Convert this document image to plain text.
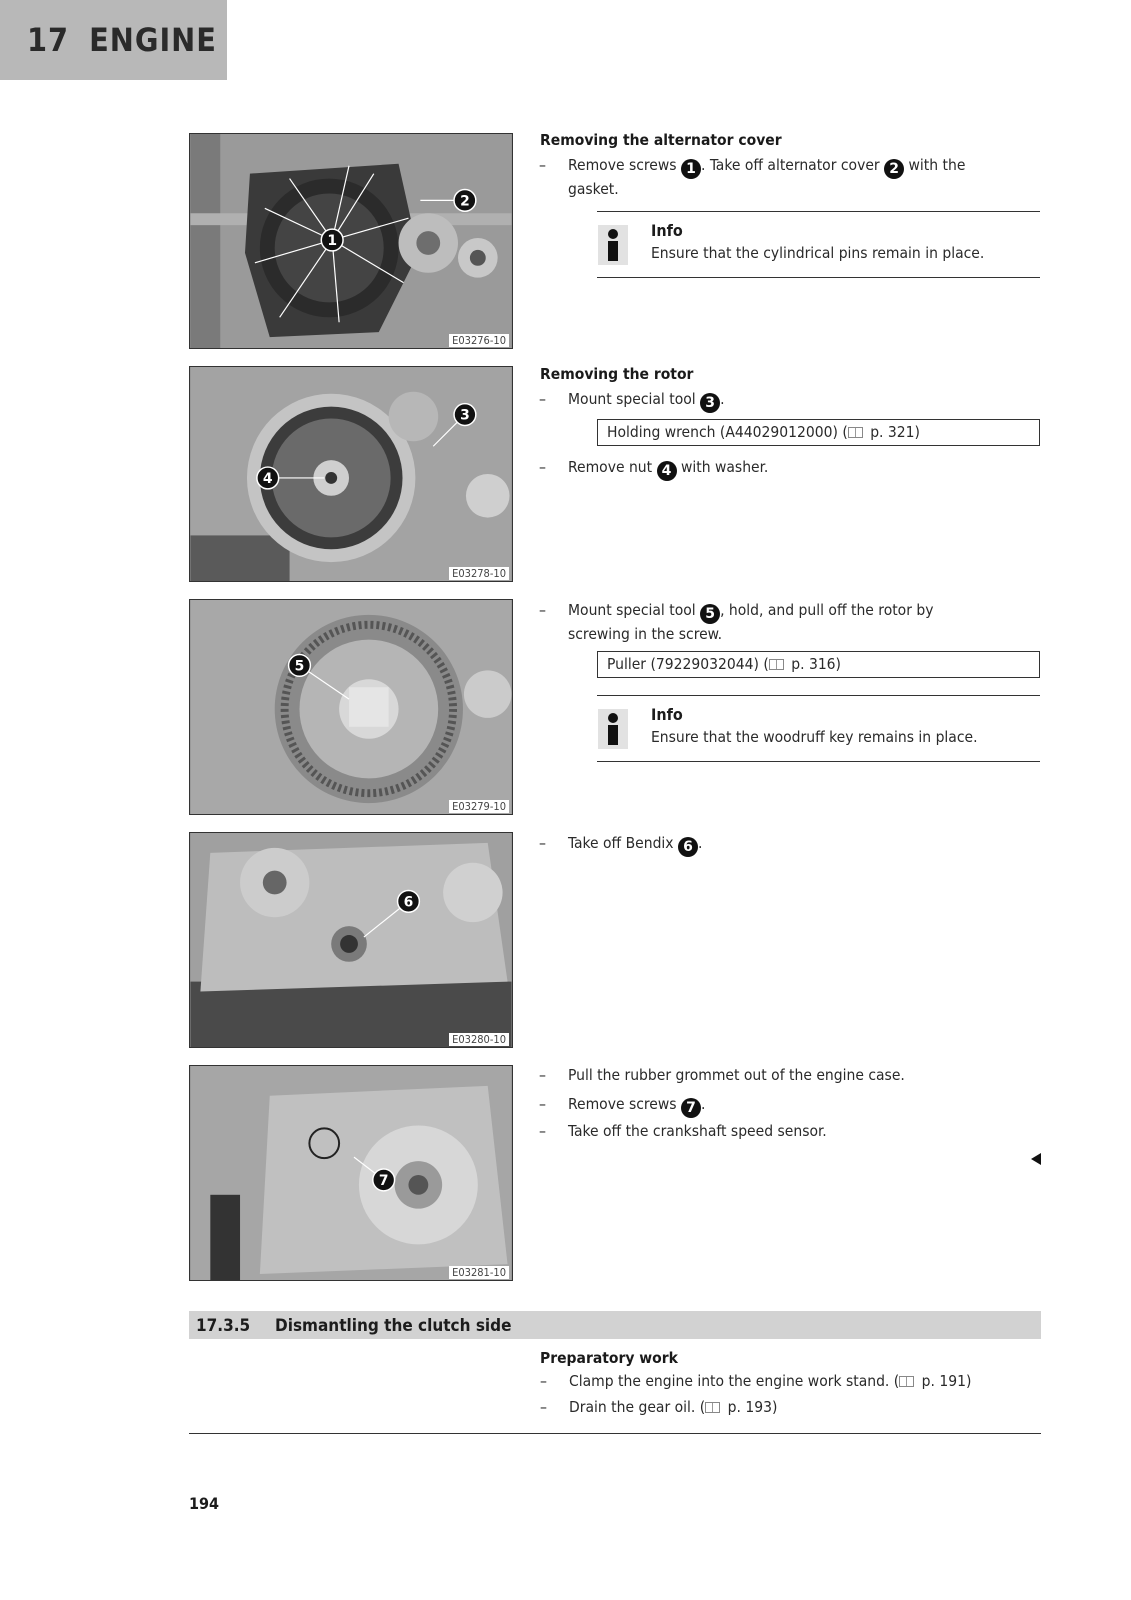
17 ENGINE
1
2
E03276-10
3
4
E03278-10
5
E03279-10
6
E03280-10
7
E03281-10
Removing the alternator cover
– Remove screws 1 . Take off alternator cover 2 with the
gasket.
Info
Ensure that the cylindrical pins remain in place.
Removing the rotor
– Mount special tool 3 .
Holding wrench (A44029012000) ( p. 321)
– Remove nut 4 with washer.
– Mount special tool 5 , hold, and pull off the rotor by
screwing in the screw.
Puller (79229032044) ( p. 316)
Info
Ensure that the woodruff key remains in place.
– Take off Bendix 6 .
– Pull the rubber grommet out of the engine case.
– Remove screws 7 .
– Take off the crankshaft speed sensor.
17.3.5 Dismantling the clutch side
Preparatory work
– Clamp the engine into the engine work stand. ( p. 191)
– Drain the gear oil. ( p. 193)
194
